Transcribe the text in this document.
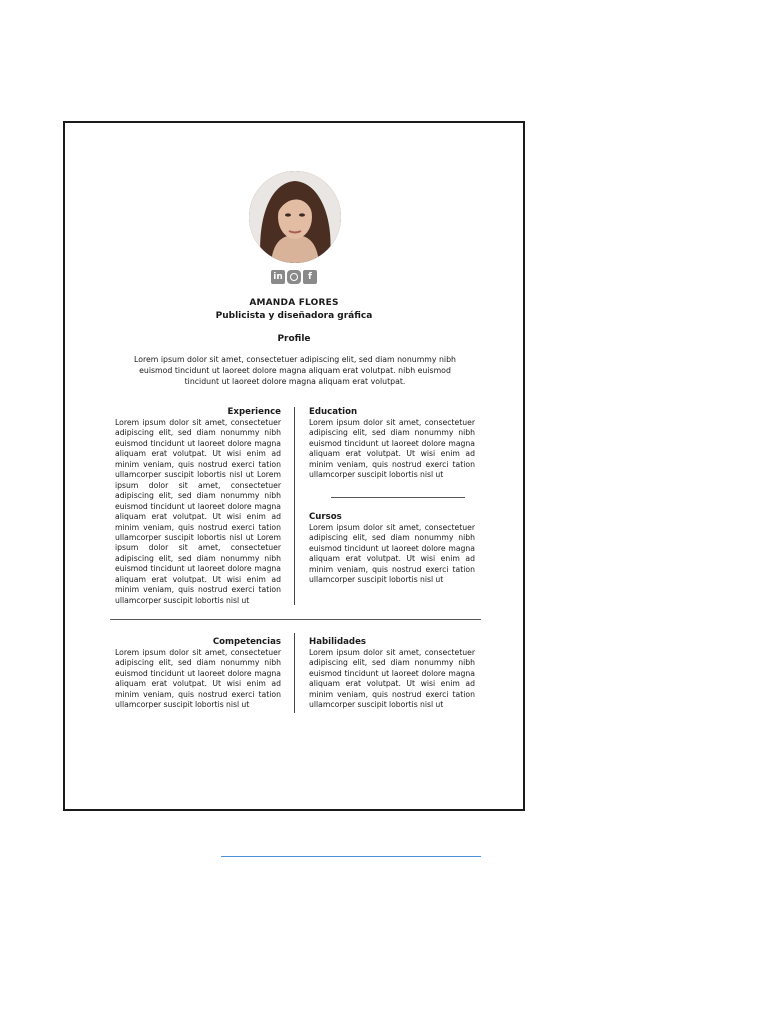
in	f
AMANDA FLORES
Publicista y diseñadora gráfica
Profile
Lorem ipsum dolor sit amet, consectetuer adipiscing elit, sed diam nonummy nibh euismod tincidunt ut laoreet dolore magna aliquam erat volutpat. nibh euismod tincidunt ut laoreet dolore magna aliquam erat volutpat.
Experience
Lorem ipsum dolor sit amet, consectetuer adipiscing elit, sed diam nonummy nibh euismod tincidunt ut laoreet dolore magna aliquam erat volutpat. Ut wisi enim ad minim veniam, quis nostrud exerci tation ullamcorper suscipit lobortis nisl ut Lorem ipsum dolor sit amet, consectetuer adipiscing elit, sed diam nonummy nibh euismod tincidunt ut laoreet dolore magna aliquam erat volutpat. Ut wisi enim ad minim veniam, quis nostrud exerci tation ullamcorper suscipit lobortis nisl ut Lorem ipsum dolor sit amet, consectetuer adipiscing elit, sed diam nonummy nibh euismod tincidunt ut laoreet dolore magna aliquam erat volutpat. Ut wisi enim ad minim veniam, quis nostrud exerci tation ullamcorper suscipit lobortis nisl ut
Education
Lorem ipsum dolor sit amet, consectetuer adipiscing elit, sed diam nonummy nibh euismod tincidunt ut laoreet dolore magna aliquam erat volutpat. Ut wisi enim ad minim veniam, quis nostrud exerci tation ullamcorper suscipit lobortis nisl ut
Cursos
Lorem ipsum dolor sit amet, consectetuer adipiscing elit, sed diam nonummy nibh euismod tincidunt ut laoreet dolore magna aliquam erat volutpat. Ut wisi enim ad minim veniam, quis nostrud exerci tation ullamcorper suscipit lobortis nisl ut
Competencias
Lorem ipsum dolor sit amet, consectetuer adipiscing elit, sed diam nonummy nibh euismod tincidunt ut laoreet dolore magna aliquam erat volutpat. Ut wisi enim ad minim veniam, quis nostrud exerci tation ullamcorper suscipit lobortis nisl ut
Habilidades
Lorem ipsum dolor sit amet, consectetuer adipiscing elit, sed diam nonummy nibh euismod tincidunt ut laoreet dolore magna aliquam erat volutpat. Ut wisi enim ad minim veniam, quis nostrud exerci tation ullamcorper suscipit lobortis nisl ut
